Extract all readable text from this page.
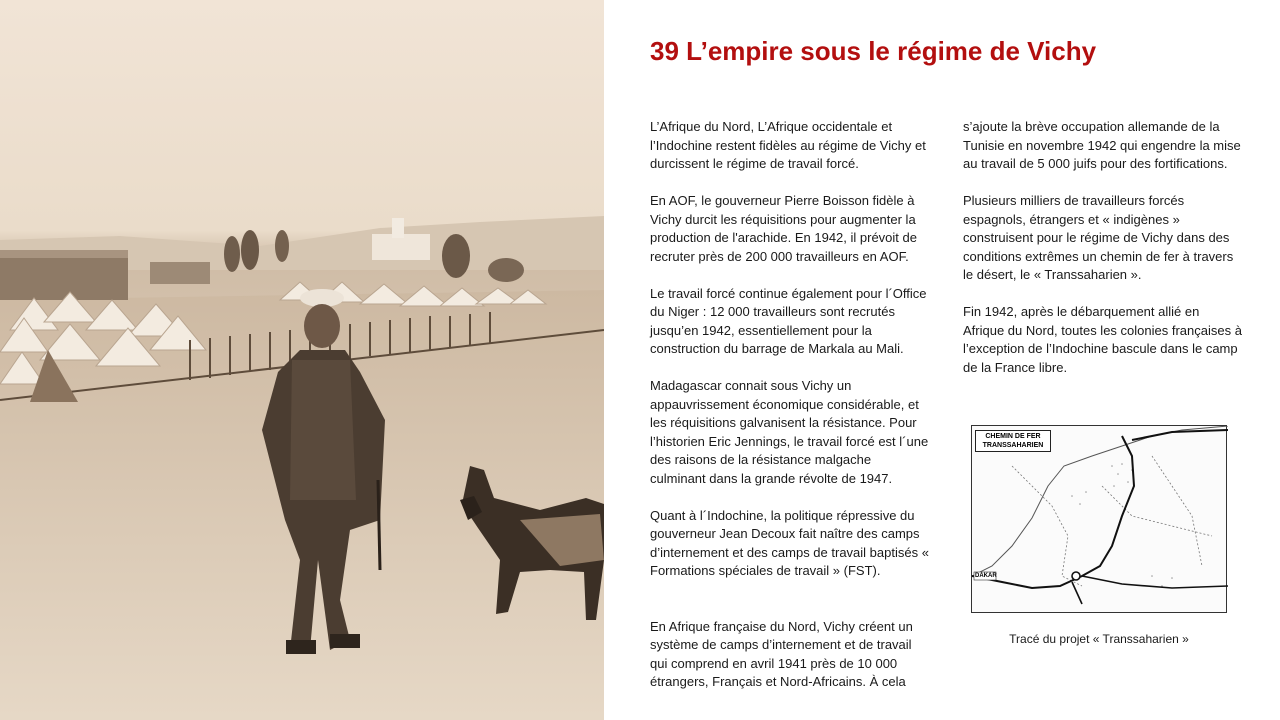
39 L’empire sous le régime de Vichy

L’Afrique du Nord, L’Afrique occidentale et l’Indochine restent fidèles au régime de Vichy et durcissent le régime de travail forcé.

En AOF, le gouverneur Pierre Boisson fidèle à Vichy durcit les réquisitions pour augmenter la production de l'arachide. En 1942, il prévoit de recruter près de 200 000 travailleurs en AOF.

Le travail forcé continue également pour l´Office du Niger : 12 000 travailleurs sont recrutés jusqu’en 1942, essentiellement pour la construction du barrage de Markala au Mali.

Madagascar connait sous Vichy un appauvrissement économique considérable, et les réquisitions galvanisent la résistance. Pour l’historien Eric Jennings, le travail forcé est l´une des raisons de la résistance malgache culminant dans la grande révolte de 1947.

Quant à l´Indochine, la politique répressive du gouverneur Jean Decoux fait naître des camps d’internement et des camps de travail baptisés « Formations spéciales de travail » (FST).

En Afrique française du Nord, Vichy créent un système de camps d’internement et de travail qui comprend en avril 1941 près de 10 000 étrangers, Français et Nord-Africains. À cela

s’ajoute la brève occupation allemande de la Tunisie en novembre 1942 qui engendre la mise au travail de 5 000 juifs pour des fortifications.

Plusieurs milliers de travailleurs forcés espagnols, étrangers et « indigènes » construisent pour le régime de Vichy dans des conditions extrêmes un chemin de fer à travers le désert, le « Transsaharien ».

Fin 1942, après le débarquement allié en Afrique du Nord, toutes les colonies françaises à l’exception de l’Indochine bascule dans le camp de la France libre.

CHEMIN DE FER
TRANSSAHARIEN
DAKAR
Tracé du projet « Transsaharien »
